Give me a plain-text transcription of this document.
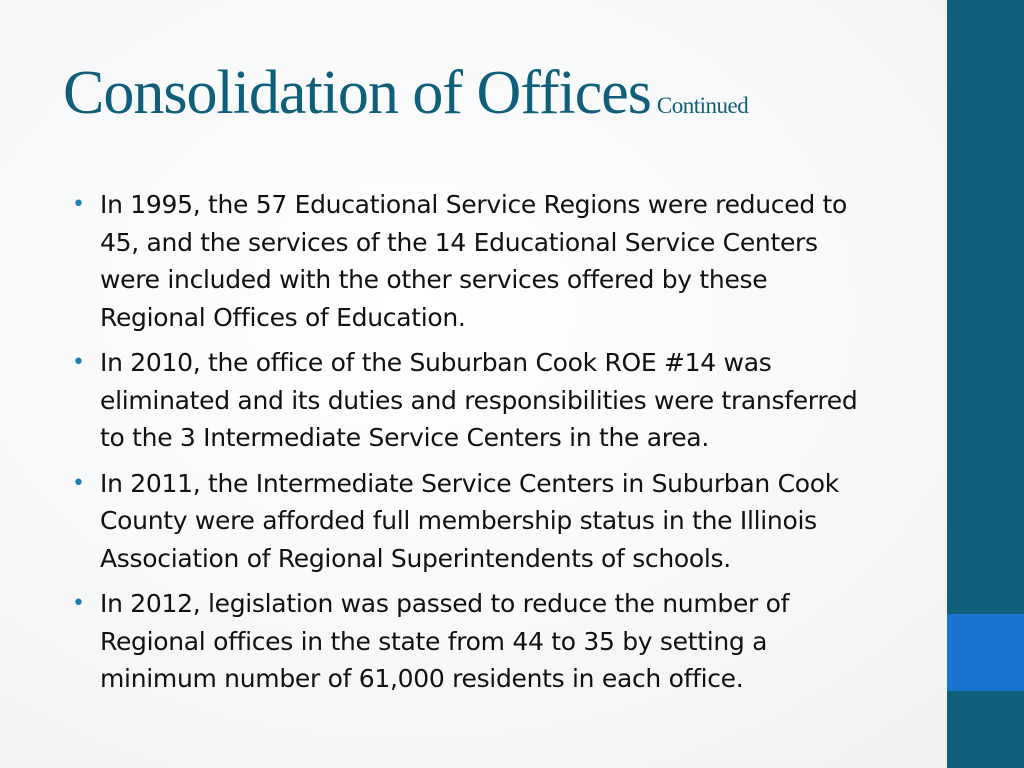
Consolidation of Offices Continued
• In 1995, the 57 Educational Service Regions were reduced to 45, and the services of the 14 Educational Service Centers were included with the other services offered by these Regional Offices of Education.
• In 2010, the office of the Suburban Cook ROE #14 was eliminated and its duties and responsibilities were transferred to the 3 Intermediate Service Centers in the area.
• In 2011, the Intermediate Service Centers in Suburban Cook County were afforded full membership status in the Illinois Association of Regional Superintendents of schools.
• In 2012, legislation was passed to reduce the number of Regional offices in the state from 44 to 35 by setting a minimum number of 61,000 residents in each office.
